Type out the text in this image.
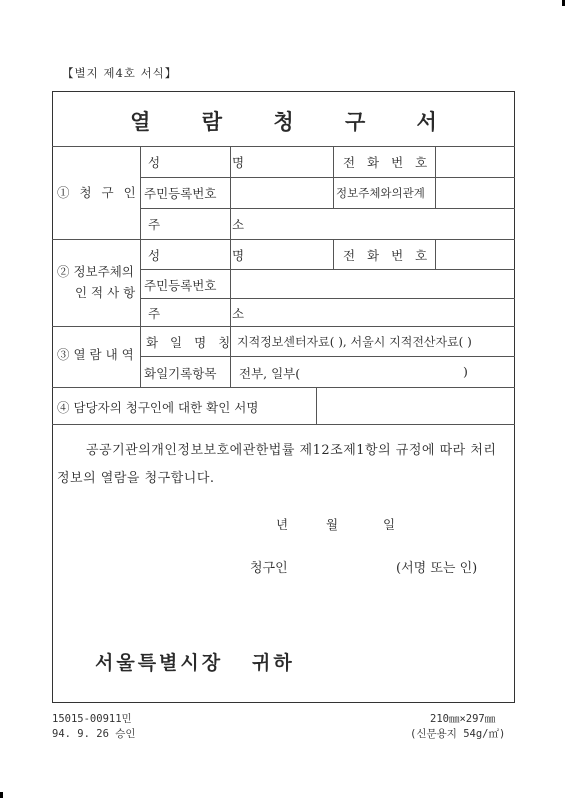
【별지 제4호 서식】
열 람 청 구 서
① 청 구 인
성 명	전 화 번 호
주민등록번호	정보주체와의관계
주 소
② 정보주체의
인 적 사 항
성 명	전 화 번 호
주민등록번호
주 소
③ 열 람 내 역
화 일 명 칭 지적정보센터자료( ), 서울시 지적전산자료( )
화일기록항목 전부, 일부(	)
④ 담당자의 청구인에 대한 확인 서명
공공기관의개인정보보호에관한법률 제12조제1항의 규정에 따라 처리
정보의 열람을 청구합니다.
년	월	일
청구인	(서명 또는 인)
서울특별시장   귀하
15015-00911민
94. 9. 26 승인
210㎜×297㎜
(신문용지 54g/㎡)
